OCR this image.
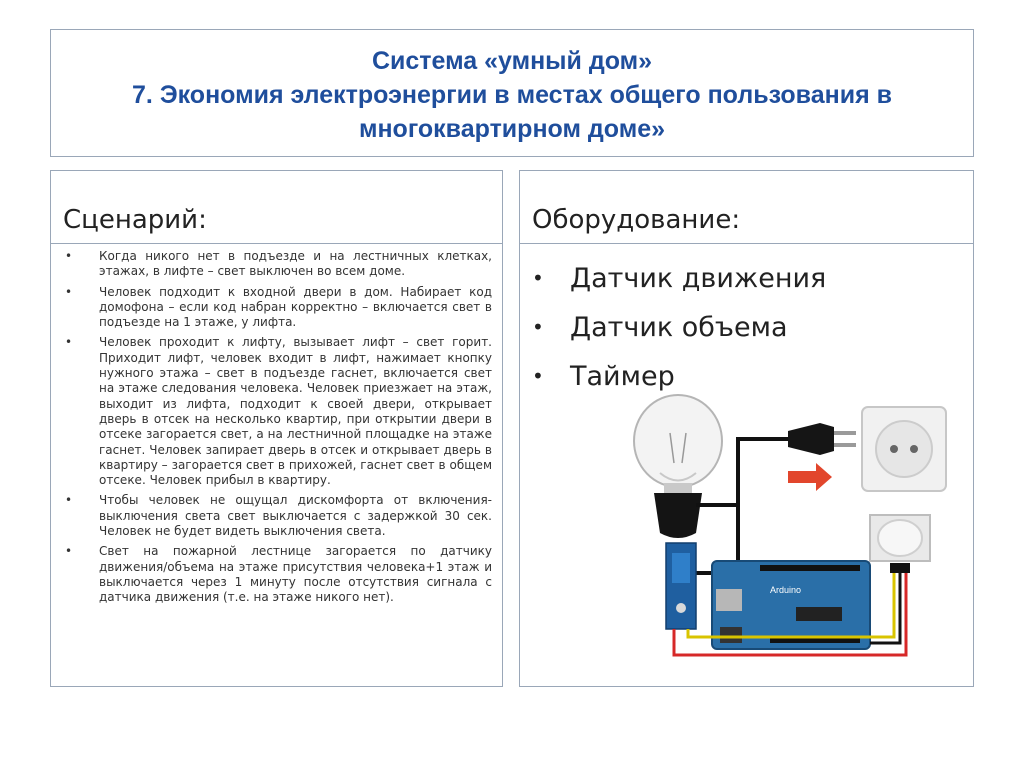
Система «умный дом»
7. Экономия электроэнергии в местах общего пользования в многоквартирном доме»
Сценарий:
• Когда никого нет в подъезде и на лестничных клетках, этажах, в лифте – свет выключен во всем доме.
• Человек подходит к входной двери в дом. Набирает код домофона – если код набран корректно – включается свет в подъезде на 1 этаже, у лифта.
• Человек проходит к лифту, вызывает лифт – свет горит. Приходит лифт, человек входит в лифт, нажимает кнопку нужного этажа – свет в подъезде гаснет, включается свет на этаже следования человека. Человек приезжает на этаж, выходит из лифта, подходит к своей двери, открывает дверь в отсек на несколько квартир, при открытии двери в отсеке загорается свет, а на лестничной площадке на этаже гаснет. Человек запирает дверь в отсек и открывает дверь в квартиру – загорается свет в прихожей, гаснет свет в общем отсеке. Человек прибыл в квартиру.
• Чтобы человек не ощущал дискомфорта от включения-выключения света свет выключается с задержкой 30 сек. Человек не будет видеть выключения света.
• Свет на пожарной лестнице загорается по датчику движения/объема на этаже присутствия человека+1 этаж и выключается через 1 минуту после отсутствия сигнала с датчика движения (т.е. на этаже никого нет).
Оборудование:
• Датчик движения
• Датчик объема
• Таймер
Arduino
